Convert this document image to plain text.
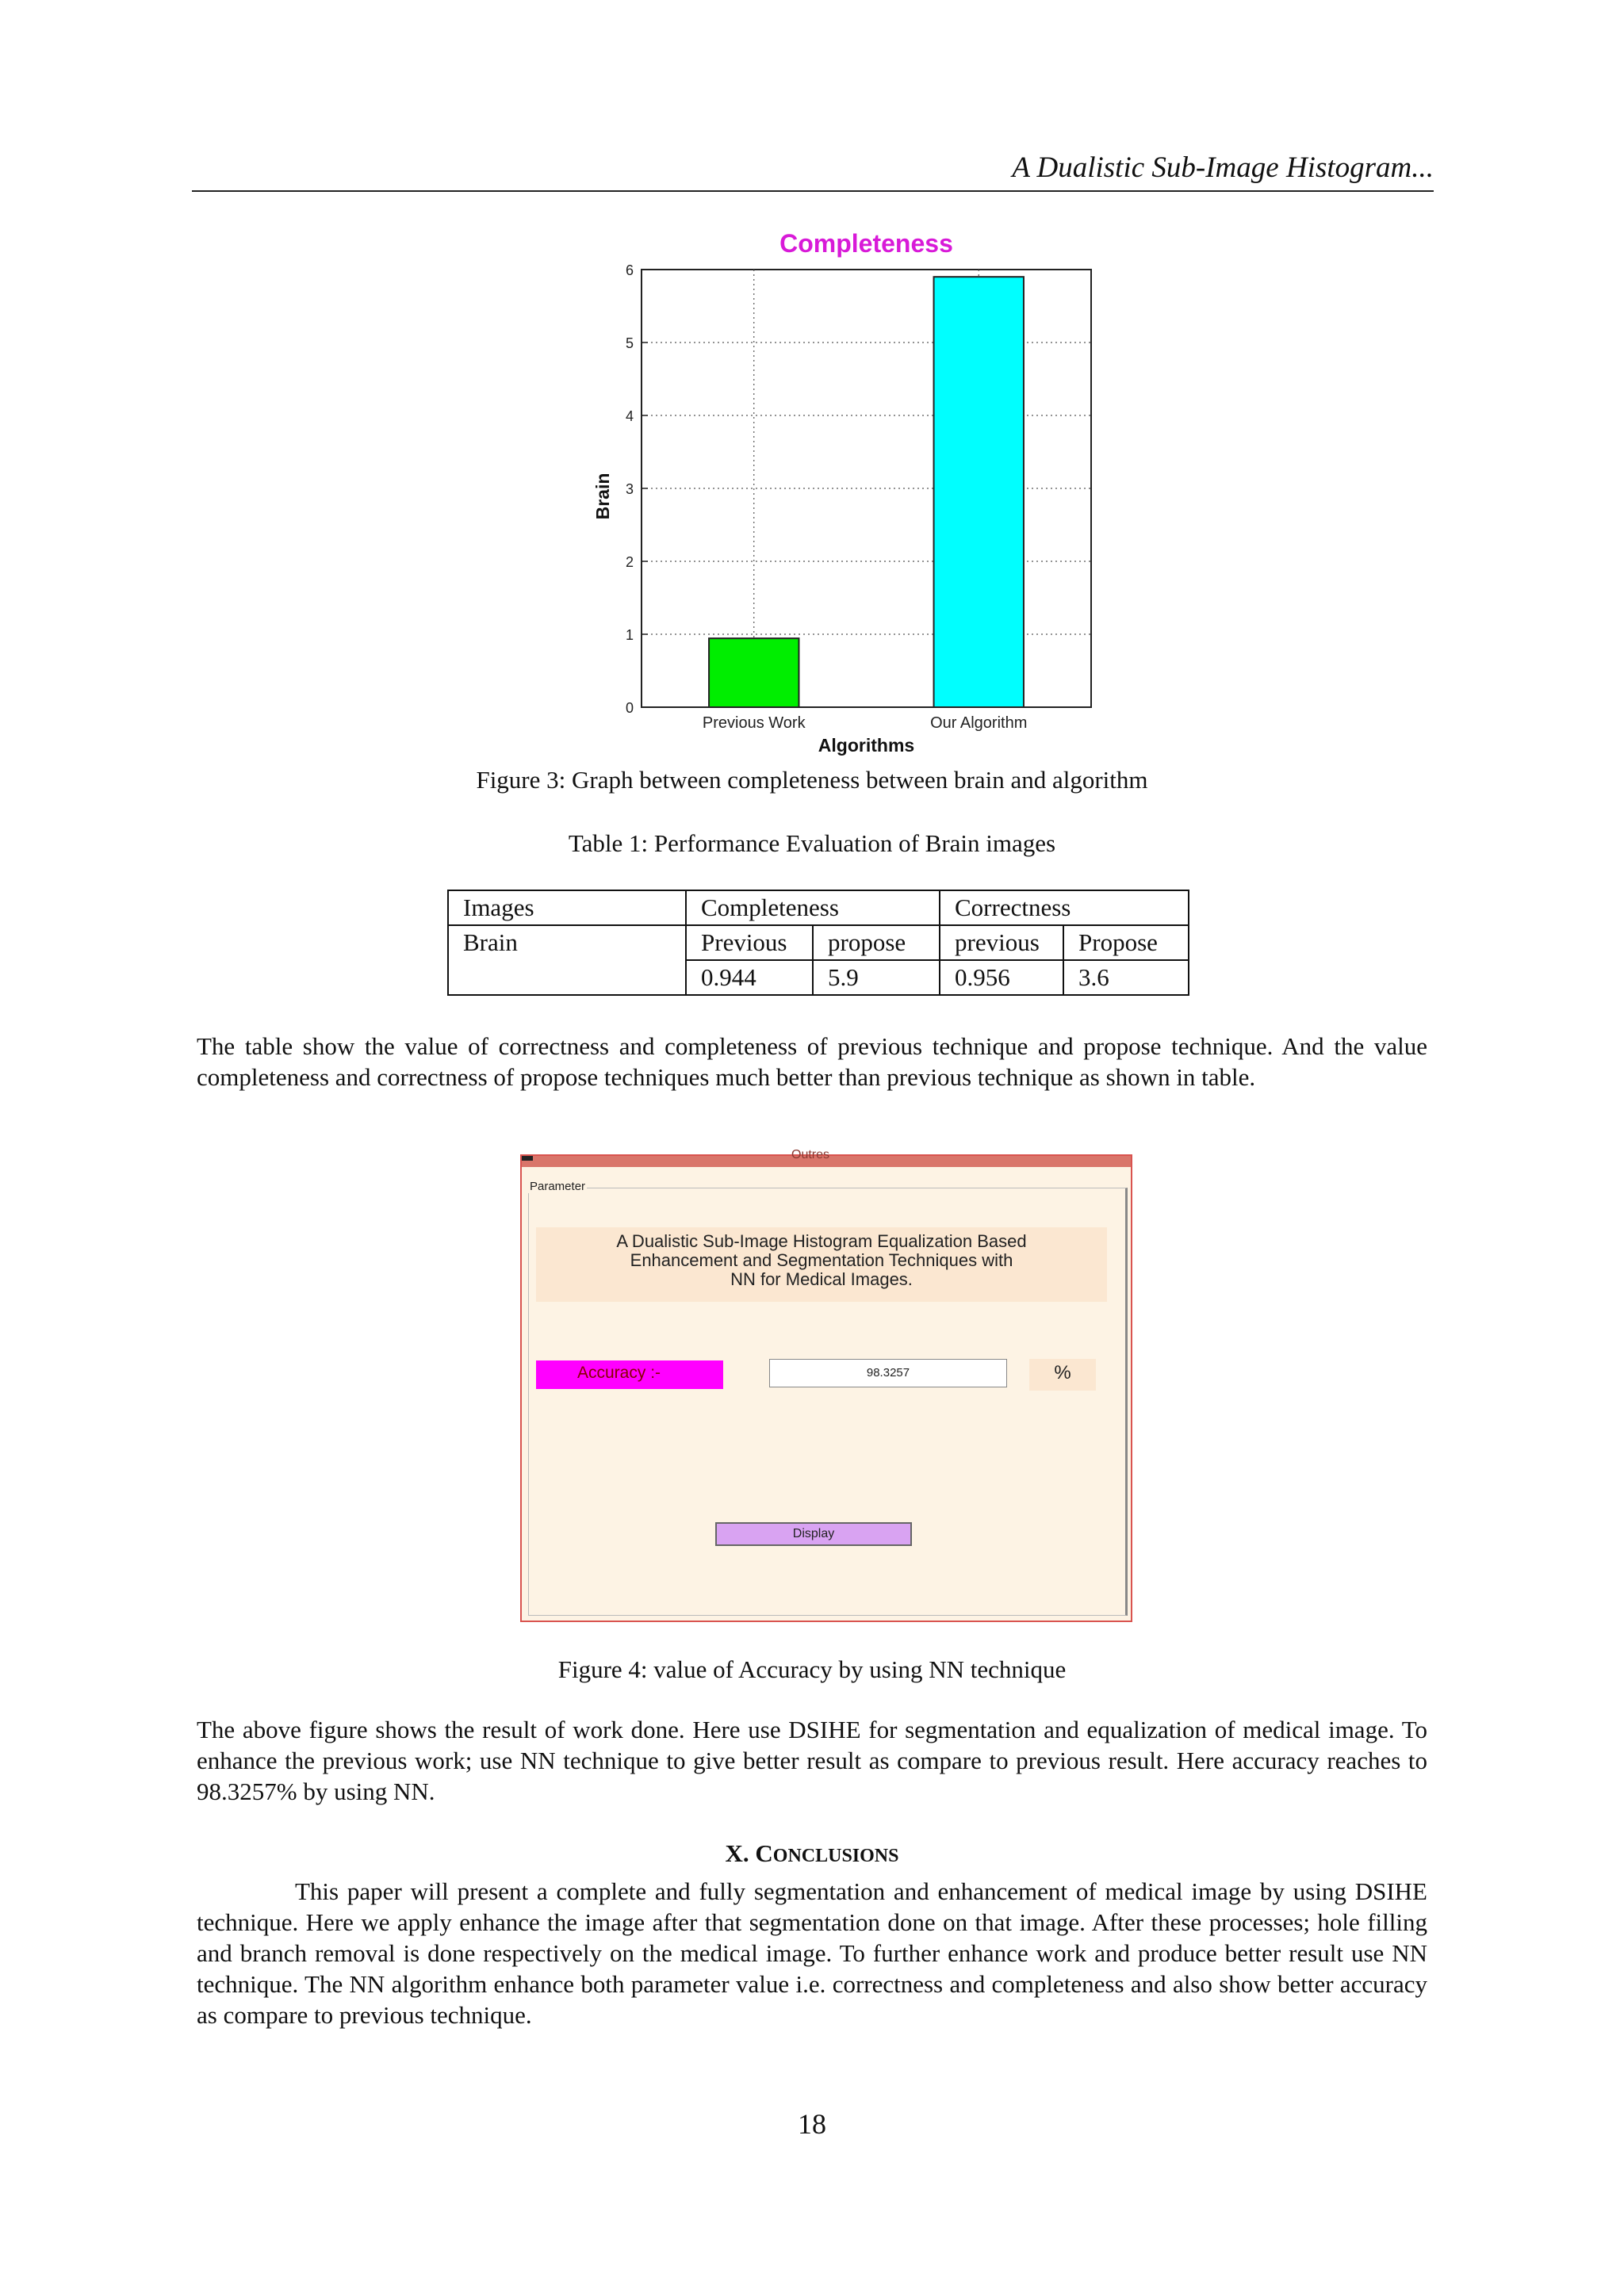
A Dualistic Sub-Image Histogram...
0
1
2
3
4
5
6
Previous Work	Our Algorithm
Completeness
Algorithms
Brain
Figure 3: Graph between completeness between brain and algorithm
Table 1: Performance Evaluation of Brain images
Images	Completeness		Correctness	
Brain	Previous	propose	previous	Propose
	0.944	5.9	0.956	3.6
The table show the value of correctness and completeness of previous technique and propose technique. And the value completeness and correctness of propose techniques much better than previous technique as shown in table.
Outres
Parameter
A Dualistic Sub-Image Histogram Equalization Based
Enhancement and Segmentation Techniques with
NN for Medical Images.
Accuracy :-	98.3257	%
Display
Figure 4: value of Accuracy by using NN technique
The above figure shows the result of work done. Here use DSIHE for segmentation and equalization of medical image. To enhance the previous work; use NN technique to give better result as compare to previous result. Here accuracy reaches to 98.3257% by using NN.
X. CONCLUSIONS
This paper will present a complete and fully segmentation and enhancement of medical image by using DSIHE technique. Here we apply enhance the image after that segmentation done on that image. After these processes; hole filling and branch removal is done respectively on the medical image. To further enhance work and produce better result use NN technique. The NN algorithm enhance both parameter value i.e. correctness and completeness and also show better accuracy as compare to previous technique.
18
